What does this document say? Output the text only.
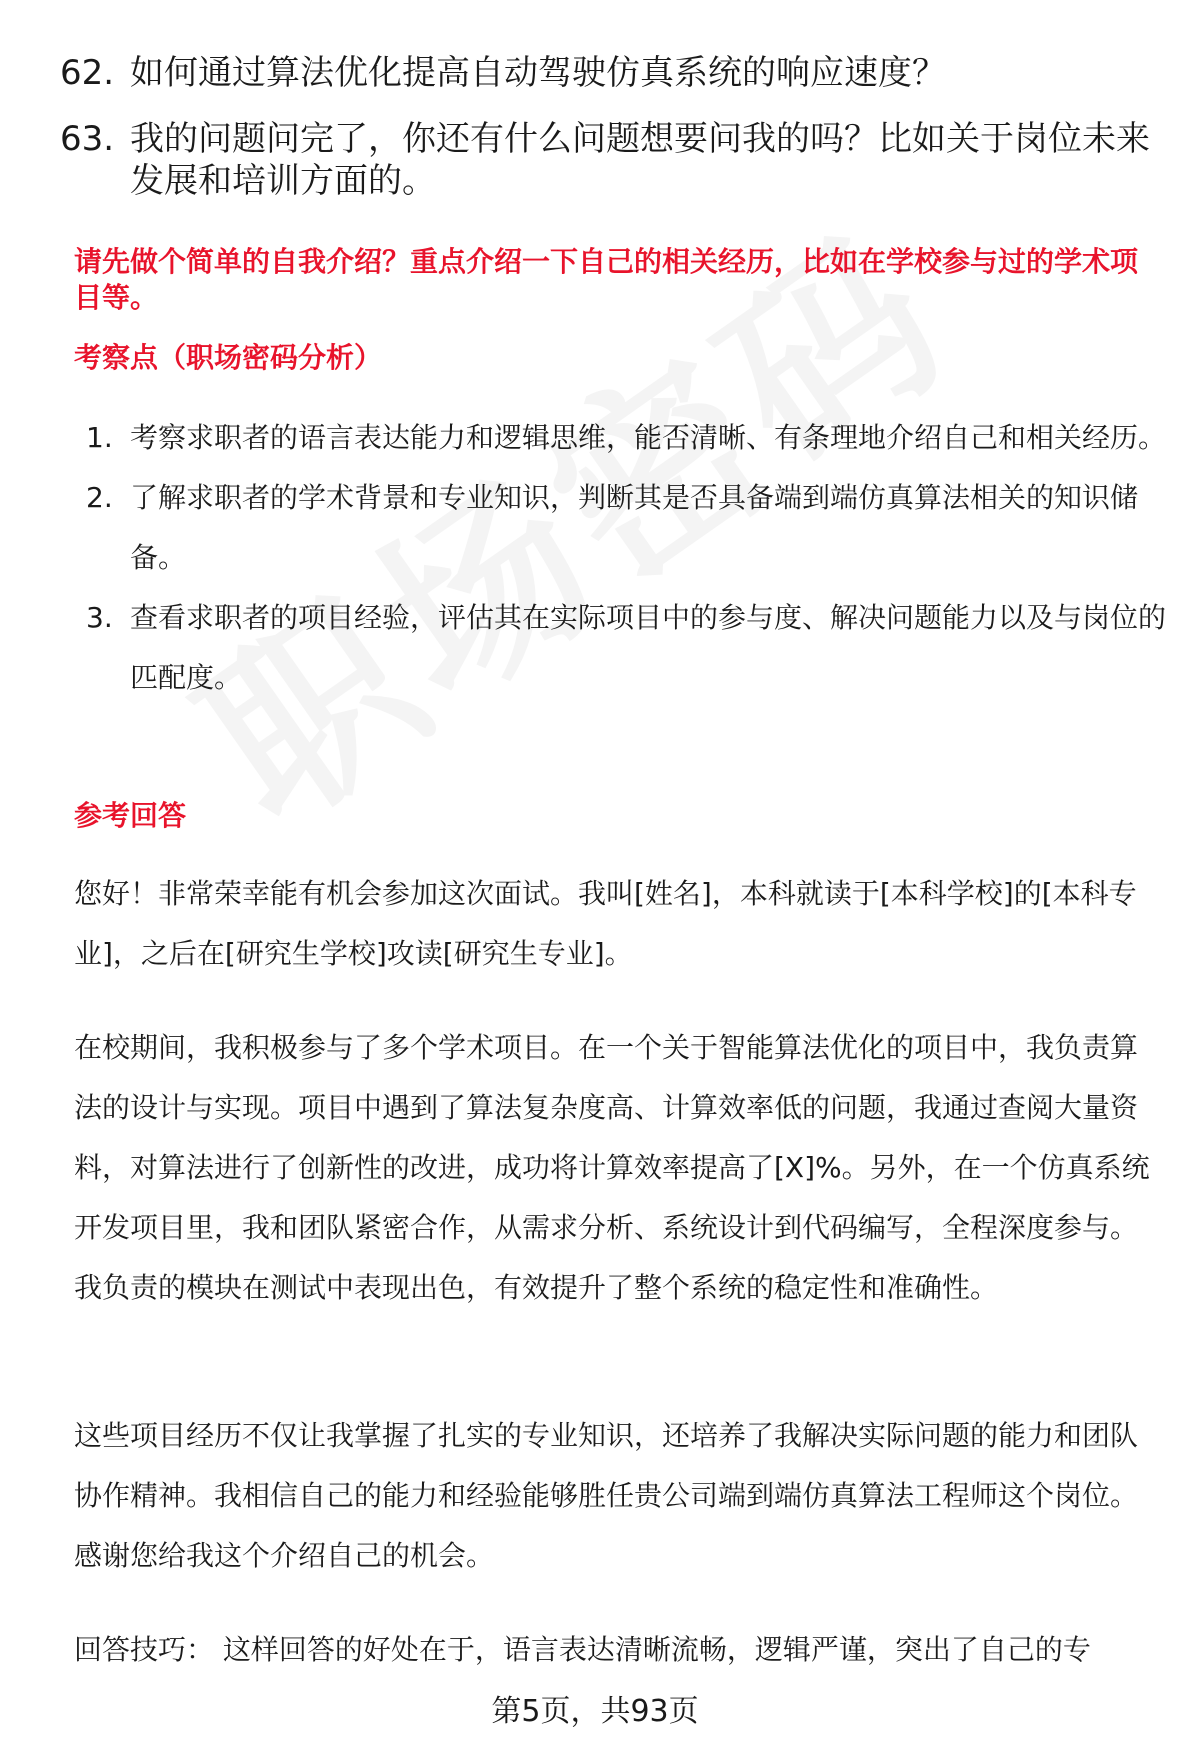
62. 如何通过算法优化提高自动驾驶仿真系统的响应速度？
63. 我的问题问完了，你还有什么问题想要问我的吗？比如关于岗位未来发展和培训方面的。

请先做个简单的自我介绍？重点介绍一下自己的相关经历，比如在学校参与过的学术项目等。

考察点（职场密码分析）

1. 考察求职者的语言表达能力和逻辑思维，能否清晰、有条理地介绍自己和相关经历。
2. 了解求职者的学术背景和专业知识，判断其是否具备端到端仿真算法相关的知识储备。
3. 查看求职者的项目经验，评估其在实际项目中的参与度、解决问题能力以及与岗位的匹配度。

参考回答

您好！非常荣幸能有机会参加这次面试。我叫[姓名]，本科就读于[本科学校]的[本科专业]，之后在[研究生学校]攻读[研究生专业]。

在校期间，我积极参与了多个学术项目。在一个关于智能算法优化的项目中，我负责算法的设计与实现。项目中遇到了算法复杂度高、计算效率低的问题，我通过查阅大量资料，对算法进行了创新性的改进，成功将计算效率提高了[X]%。另外，在一个仿真系统开发项目里，我和团队紧密合作，从需求分析、系统设计到代码编写，全程深度参与。我负责的模块在测试中表现出色，有效提升了整个系统的稳定性和准确性。

这些项目经历不仅让我掌握了扎实的专业知识，还培养了我解决实际问题的能力和团队协作精神。我相信自己的能力和经验能够胜任贵公司端到端仿真算法工程师这个岗位。感谢您给我这个介绍自己的机会。

回答技巧： 这样回答的好处在于，语言表达清晰流畅，逻辑严谨，突出了自己的专

第5页，共93页
